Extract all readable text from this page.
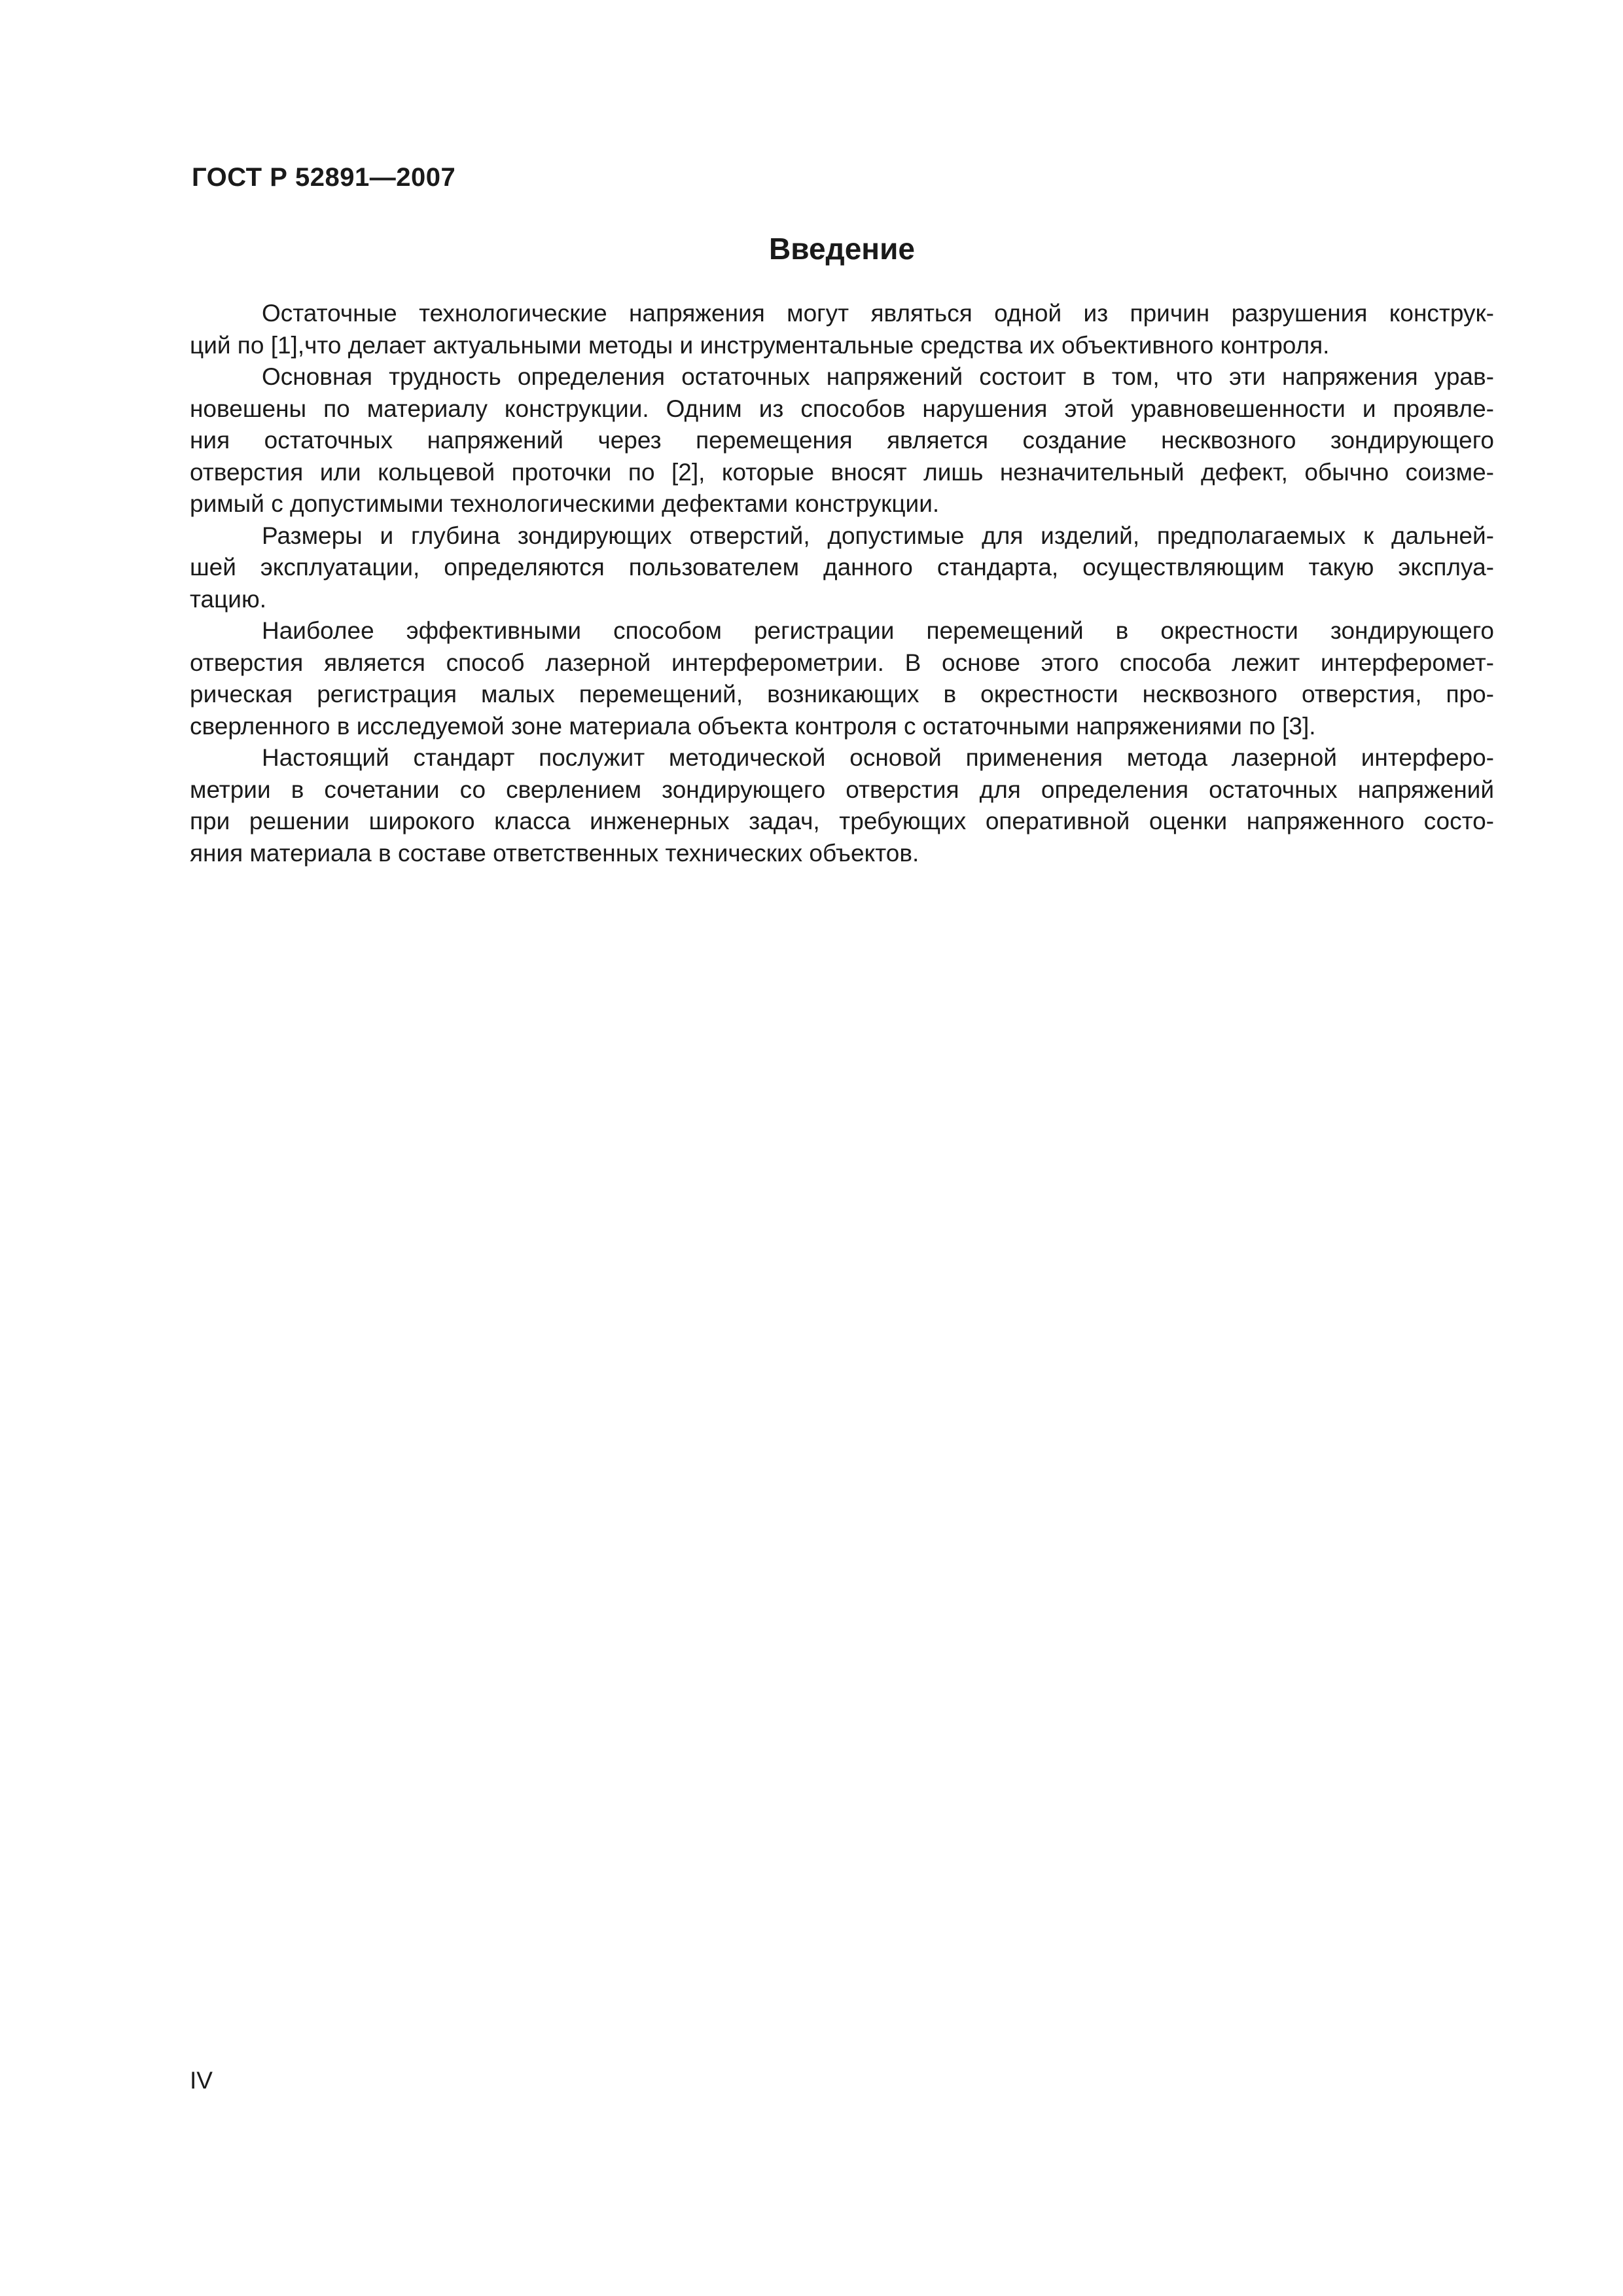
ГОСТ Р 52891—2007
Введение
Остаточные технологические напряжения могут являться одной из причин разрушения конструк-
ций по [1],что делает актуальными методы и инструментальные средства их объективного контроля.
Основная трудность определения остаточных напряжений состоит в том, что эти напряжения урав-
новешены по материалу конструкции. Одним из способов нарушения этой уравновешенности и проявле-
ния остаточных напряжений через перемещения является создание несквозного зондирующего
отверстия или кольцевой проточки по [2], которые вносят лишь незначительный дефект, обычно соизме-
римый с допустимыми технологическими дефектами конструкции.
Размеры и глубина зондирующих отверстий, допустимые для изделий, предполагаемых к дальней-
шей эксплуатации, определяются пользователем данного стандарта, осуществляющим такую эксплуа-
тацию.
Наиболее эффективными способом регистрации перемещений в окрестности зондирующего
отверстия является способ лазерной интерферометрии. В основе этого способа лежит интерферомет-
рическая регистрация малых перемещений, возникающих в окрестности несквозного отверстия, про-
сверленного в исследуемой зоне материала объекта контроля с остаточными напряжениями по [3].
Настоящий стандарт послужит методической основой применения метода лазерной интерферо-
метрии в сочетании со сверлением зондирующего отверстия для определения остаточных напряжений
при решении широкого класса инженерных задач, требующих оперативной оценки напряженного состо-
яния материала в составе ответственных технических объектов.
IV
